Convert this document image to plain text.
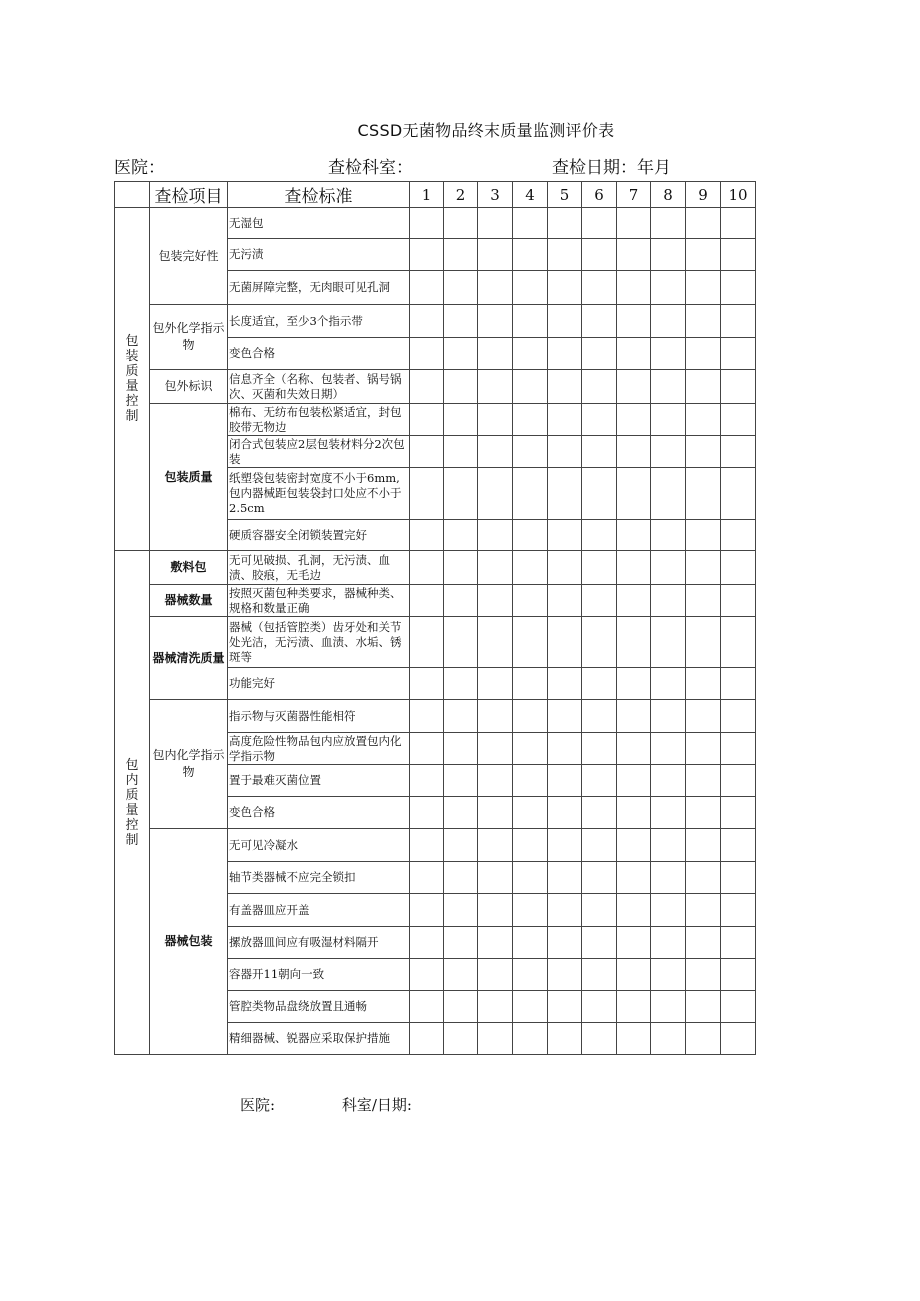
CSSD无菌物品终末质量监测评价表
医院：	查检科室：	查检日期：年月
	查检项目	查检标准	1	2	3	4	5	6	7	8	9	10
包装质量控制	包装完好性	无湿包										
		无污渍										
		无菌屏障完整，无肉眼可见孔洞										
	包外化学指示物	长度适宜，至少3个指示带										
		变色合格										
	包外标识	信息齐全（名称、包装者、锅号锅次、灭菌和失效日期）										
	包装质量	棉布、无纺布包装松紧适宜，封包胶带无物边										
		闭合式包装应2层包装材料分2次包装										
		纸塑袋包装密封宽度不小于6mm,包内器械距包装袋封口处应不小于2.5cm										
		硬质容器安全闭锁装置完好										
包内质量控制	敷料包	无可见破损、孔洞，无污渍、血渍、胶痕，无毛边										
	器械数量	按照灭菌包种类要求，器械种类、规格和数量正确										
	器械清洗质量	器械（包括管腔类）齿牙处和关节处光洁，无污渍、血渍、水垢、锈斑等										
		功能完好										
	包内化学指示物	指示物与灭菌器性能相符										
		高度危险性物品包内应放置包内化学指示物										
		置于最难灭菌位置										
		变色合格										
	器械包装	无可见冷凝水										
		轴节类器械不应完全锁扣										
		有盖器皿应开盖										
		摞放器皿间应有吸湿材料隔开										
		容器开11朝向一致										
		管腔类物品盘绕放置且通畅										
		精细器械、锐器应采取保护措施										
医院:	科室/日期:
